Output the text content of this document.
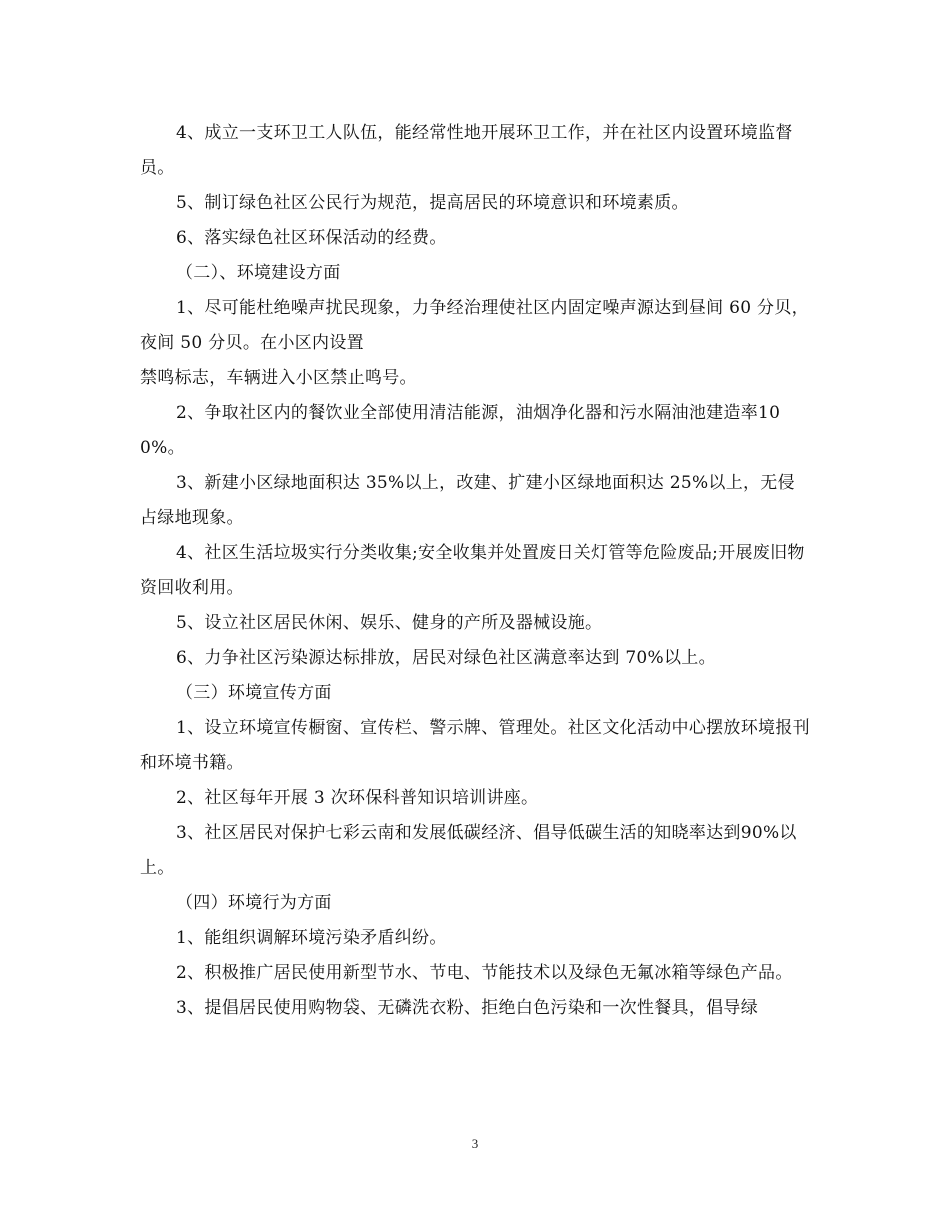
4、成立一支环卫工人队伍，能经常性地开展环卫工作，并在社区内设置环境监督员。

5、制订绿色社区公民行为规范，提高居民的环境意识和环境素质。

6、落实绿色社区环保活动的经费。

（二）、环境建设方面

1、尽可能杜绝噪声扰民现象，力争经治理使社区内固定噪声源达到昼间 60 分贝，夜间 50 分贝。在小区内设置

禁鸣标志，车辆进入小区禁止鸣号。

2、争取社区内的餐饮业全部使用清洁能源，油烟净化器和污水隔油池建造率100%。

3、新建小区绿地面积达 35%以上，改建、扩建小区绿地面积达 25%以上，无侵占绿地现象。

4、社区生活垃圾实行分类收集;安全收集并处置废日关灯管等危险废品;开展废旧物资回收利用。

5、设立社区居民休闲、娱乐、健身的产所及器械设施。

6、力争社区污染源达标排放，居民对绿色社区满意率达到 70%以上。

（三）环境宣传方面

1、设立环境宣传橱窗、宣传栏、警示牌、管理处。社区文化活动中心摆放环境报刊和环境书籍。

2、社区每年开展 3 次环保科普知识培训讲座。

3、社区居民对保护七彩云南和发展低碳经济、倡导低碳生活的知晓率达到90%以上。

（四）环境行为方面

1、能组织调解环境污染矛盾纠纷。

2、积极推广居民使用新型节水、节电、节能技术以及绿色无氟冰箱等绿色产品。

3、提倡居民使用购物袋、无磷洗衣粉、拒绝白色污染和一次性餐具，倡导绿

3
